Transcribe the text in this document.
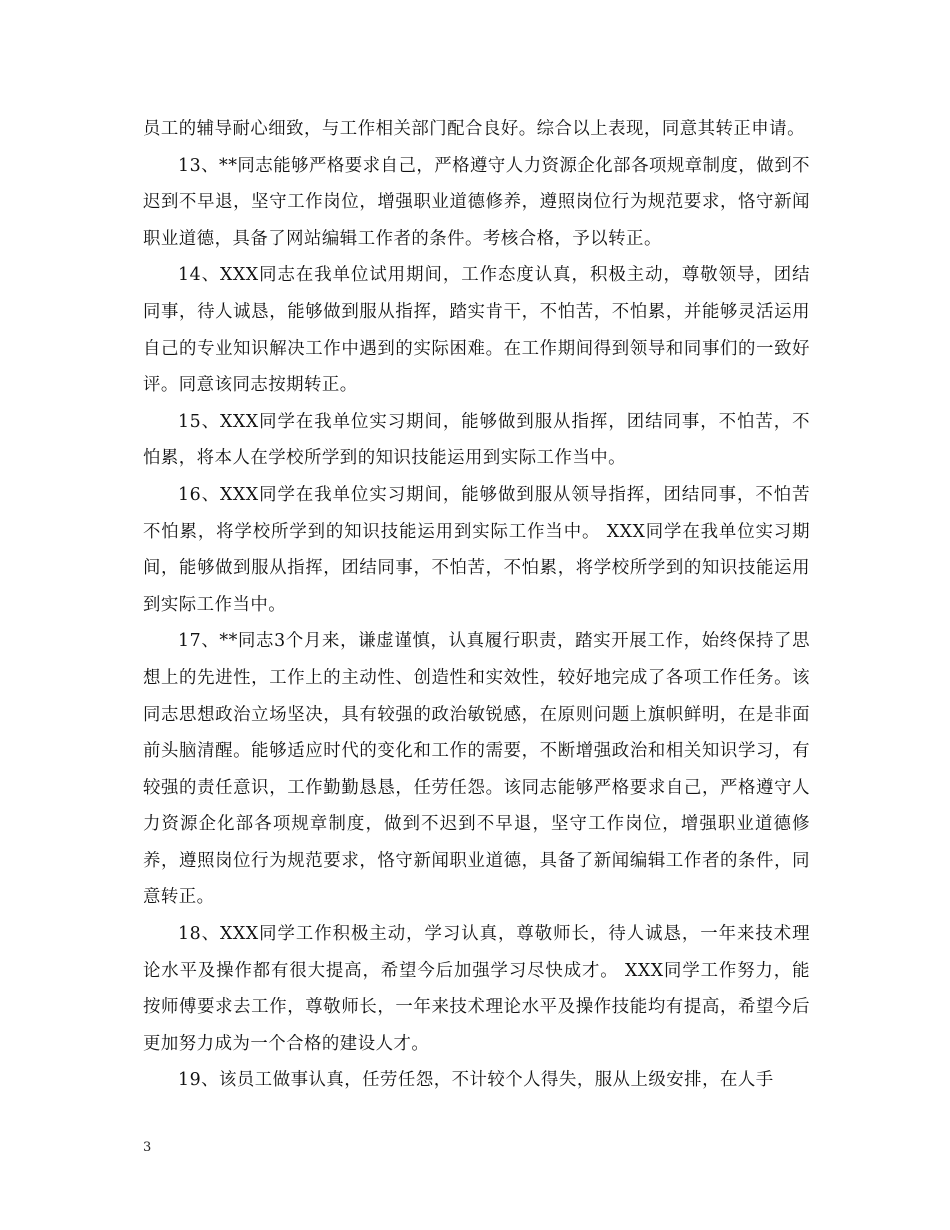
员工的辅导耐心细致，与工作相关部门配合良好。综合以上表现，同意其转正申请。

13、**同志能够严格要求自己，严格遵守人力资源企化部各项规章制度，做到不迟到不早退，坚守工作岗位，增强职业道德修养，遵照岗位行为规范要求，恪守新闻职业道德，具备了网站编辑工作者的条件。考核合格，予以转正。

14、XXX同志在我单位试用期间，工作态度认真，积极主动，尊敬领导，团结同事，待人诚恳，能够做到服从指挥，踏实肯干，不怕苦，不怕累，并能够灵活运用自己的专业知识解决工作中遇到的实际困难。在工作期间得到领导和同事们的一致好评。同意该同志按期转正。

15、XXX同学在我单位实习期间，能够做到服从指挥，团结同事，不怕苦，不怕累，将本人在学校所学到的知识技能运用到实际工作当中。

16、XXX同学在我单位实习期间，能够做到服从领导指挥，团结同事，不怕苦不怕累，将学校所学到的知识技能运用到实际工作当中。 XXX同学在我单位实习期间，能够做到服从指挥，团结同事，不怕苦，不怕累，将学校所学到的知识技能运用到实际工作当中。

17、**同志3个月来，谦虚谨慎，认真履行职责，踏实开展工作，始终保持了思想上的先进性，工作上的主动性、创造性和实效性，较好地完成了各项工作任务。该同志思想政治立场坚决，具有较强的政治敏锐感，在原则问题上旗帜鲜明，在是非面前头脑清醒。能够适应时代的变化和工作的需要，不断增强政治和相关知识学习，有较强的责任意识，工作勤勤恳恳，任劳任怨。该同志能够严格要求自己，严格遵守人力资源企化部各项规章制度，做到不迟到不早退，坚守工作岗位，增强职业道德修养，遵照岗位行为规范要求，恪守新闻职业道德，具备了新闻编辑工作者的条件，同意转正。

18、XXX同学工作积极主动，学习认真，尊敬师长，待人诚恳，一年来技术理论水平及操作都有很大提高，希望今后加强学习尽快成才。 XXX同学工作努力，能按师傅要求去工作，尊敬师长，一年来技术理论水平及操作技能均有提高，希望今后更加努力成为一个合格的建设人才。

19、该员工做事认真，任劳任怨，不计较个人得失，服从上级安排，在人手

3
